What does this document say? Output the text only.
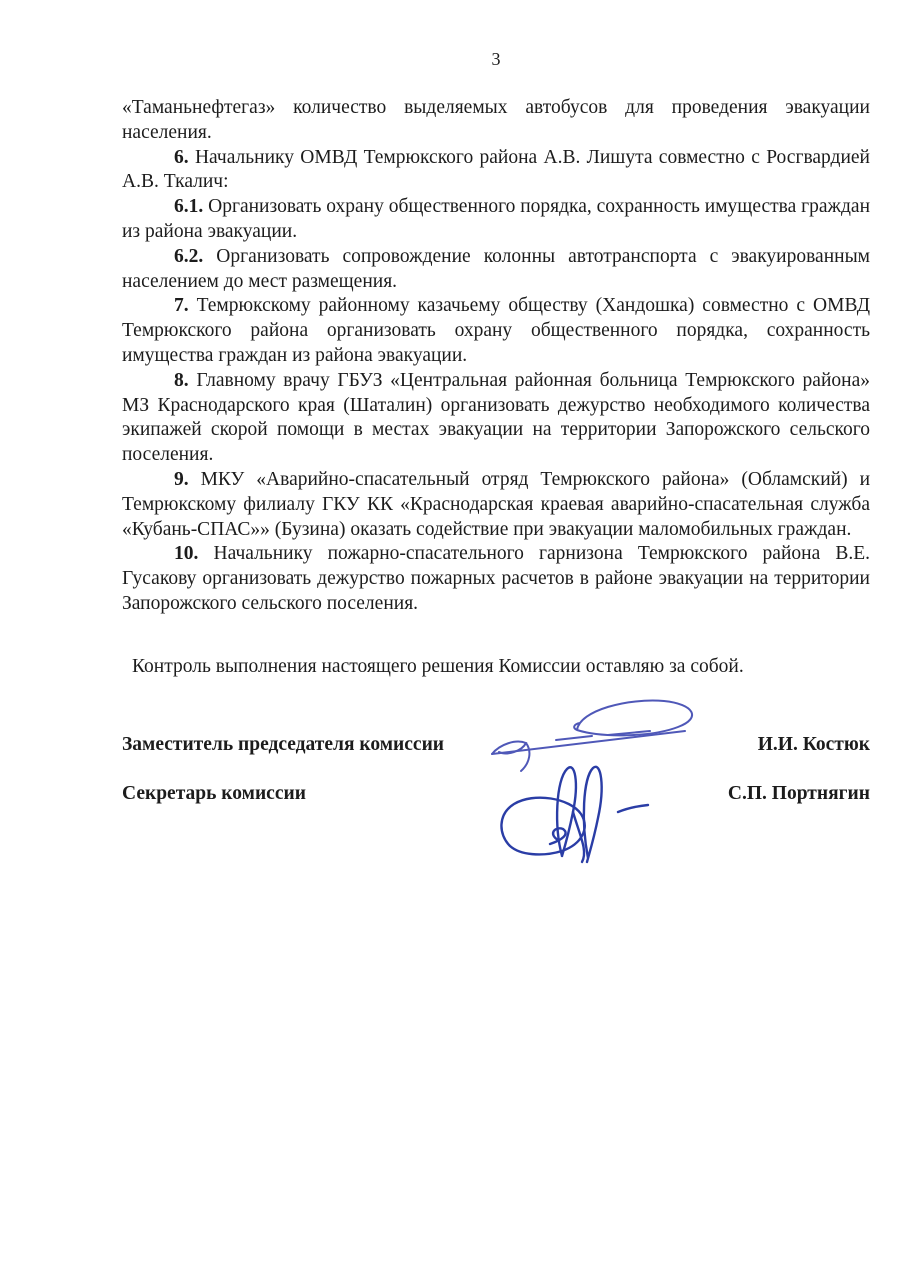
3

«Таманьнефтегаз» количество выделяемых автобусов для проведения эвакуации населения.

6. Начальнику ОМВД Темрюкского района А.В. Лишута совместно с Росгвардией А.В. Ткалич:

6.1. Организовать охрану общественного порядка, сохранность имущества граждан из района эвакуации.

6.2. Организовать сопровождение колонны автотранспорта с эвакуированным населением до мест размещения.

7. Темрюкскому районному казачьему обществу (Хандошка) совместно с ОМВД Темрюкского района организовать охрану общественного порядка, сохранность имущества граждан из района эвакуации.

8. Главному врачу ГБУЗ «Центральная районная больница Темрюкского района» МЗ Краснодарского края (Шаталин) организовать дежурство необходимого количества экипажей скорой помощи в местах эвакуации на территории Запорожского сельского поселения.

9. МКУ «Аварийно-спасательный отряд Темрюкского района» (Обламский) и Темрюкскому филиалу ГКУ КК «Краснодарская краевая аварийно-спасательная служба «Кубань-СПАС»» (Бузина) оказать содействие при эвакуации маломобильных граждан.

10. Начальнику пожарно-спасательного гарнизона Темрюкского района В.Е. Гусакову организовать дежурство пожарных расчетов в районе эвакуации на территории Запорожского сельского поселения.

Контроль выполнения настоящего решения Комиссии оставляю за собой.

Заместитель председателя комиссии	И.И. Костюк
Секретарь комиссии	С.П. Портнягин
